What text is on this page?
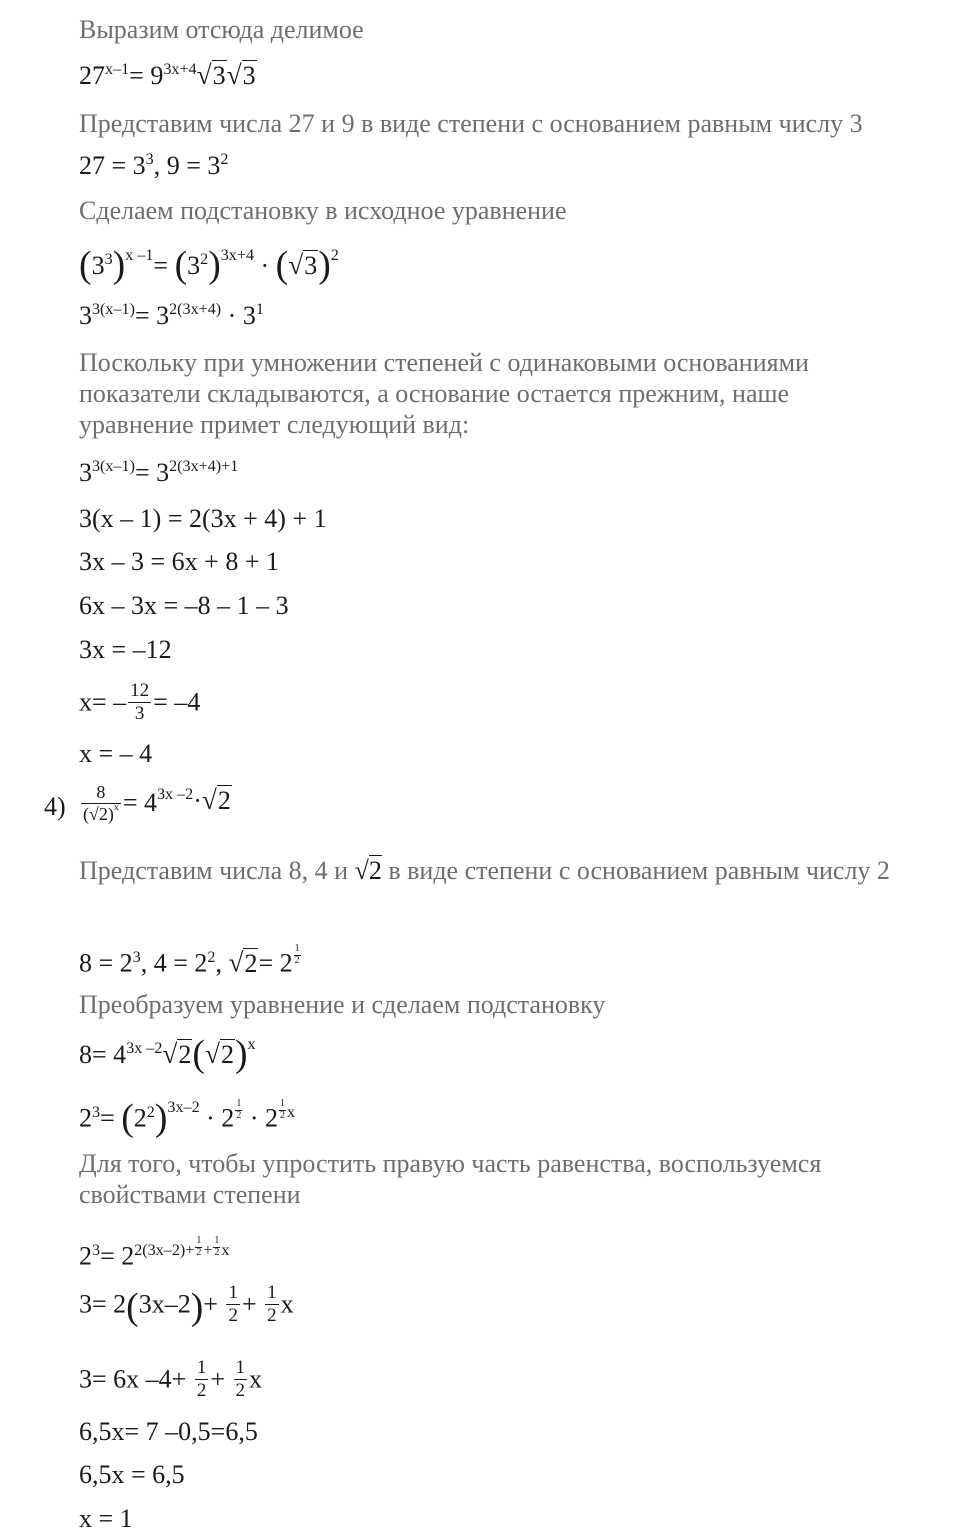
Выразим отсюда делимое
$27^{x-1}= 9^{3x+4}√3√3$
Представим числа 27 и 9 в виде степени с основанием равным числу 3
$27 = 3^3$, $9 = 3^2$
Сделаем подстановку в исходное уравнение
$(3^3)^{x -1}= (3^2)^{3x+4} \cdot (√3)^2$
$3^{3(x-1)}= 3^{2(3x+4)} \cdot 3^1$
Поскольку при умножении степеней с одинаковыми основаниями показатели складываются, а основание остается прежним, наше уравнение примет следующий вид:
$3^{3(x-1)}= 3^{2(3x+4)+1}$
3(x – 1) = 2(3x + 4) + 1
3x – 3 = 6x + 8 + 1
6x – 3x = –8 – 1 – 3
3x = –12
$x= - \frac{12}{3} = -4$
x = – 4
$4) \frac{8}{(√2)^x} = 4^{3x -2}\cdot√2$
Представим числа 8, 4 и √2 в виде степени с основанием равным числу 2
$8 = 2^3$, $4 = 2^2$, $√2= 2 \frac{1}{2}$
Преобразуем уравнение и сделаем подстановку
$8= 4^{3x -2}√2(√2)^x$
$2^3= (2^2)^{3x-2} \cdot 2 \frac{1}{2} \cdot 2 \frac{1}{2} ^x$
Для того, чтобы упростить правую часть равенства, воспользуемся свойствами степени
$2^3= 2^{2(3x-2)+} \frac{1}{2} ^+ \frac{1}{2} ^x$
$3= 2(3x-2)+ \frac{1}{2} + \frac{1}{2}$ x
3= 6x $-4+ \frac{1}{2} + \frac{1}{2}$ x
6,5x= 7 –0,5=6,5
6,5x = 6,5
x = 1
